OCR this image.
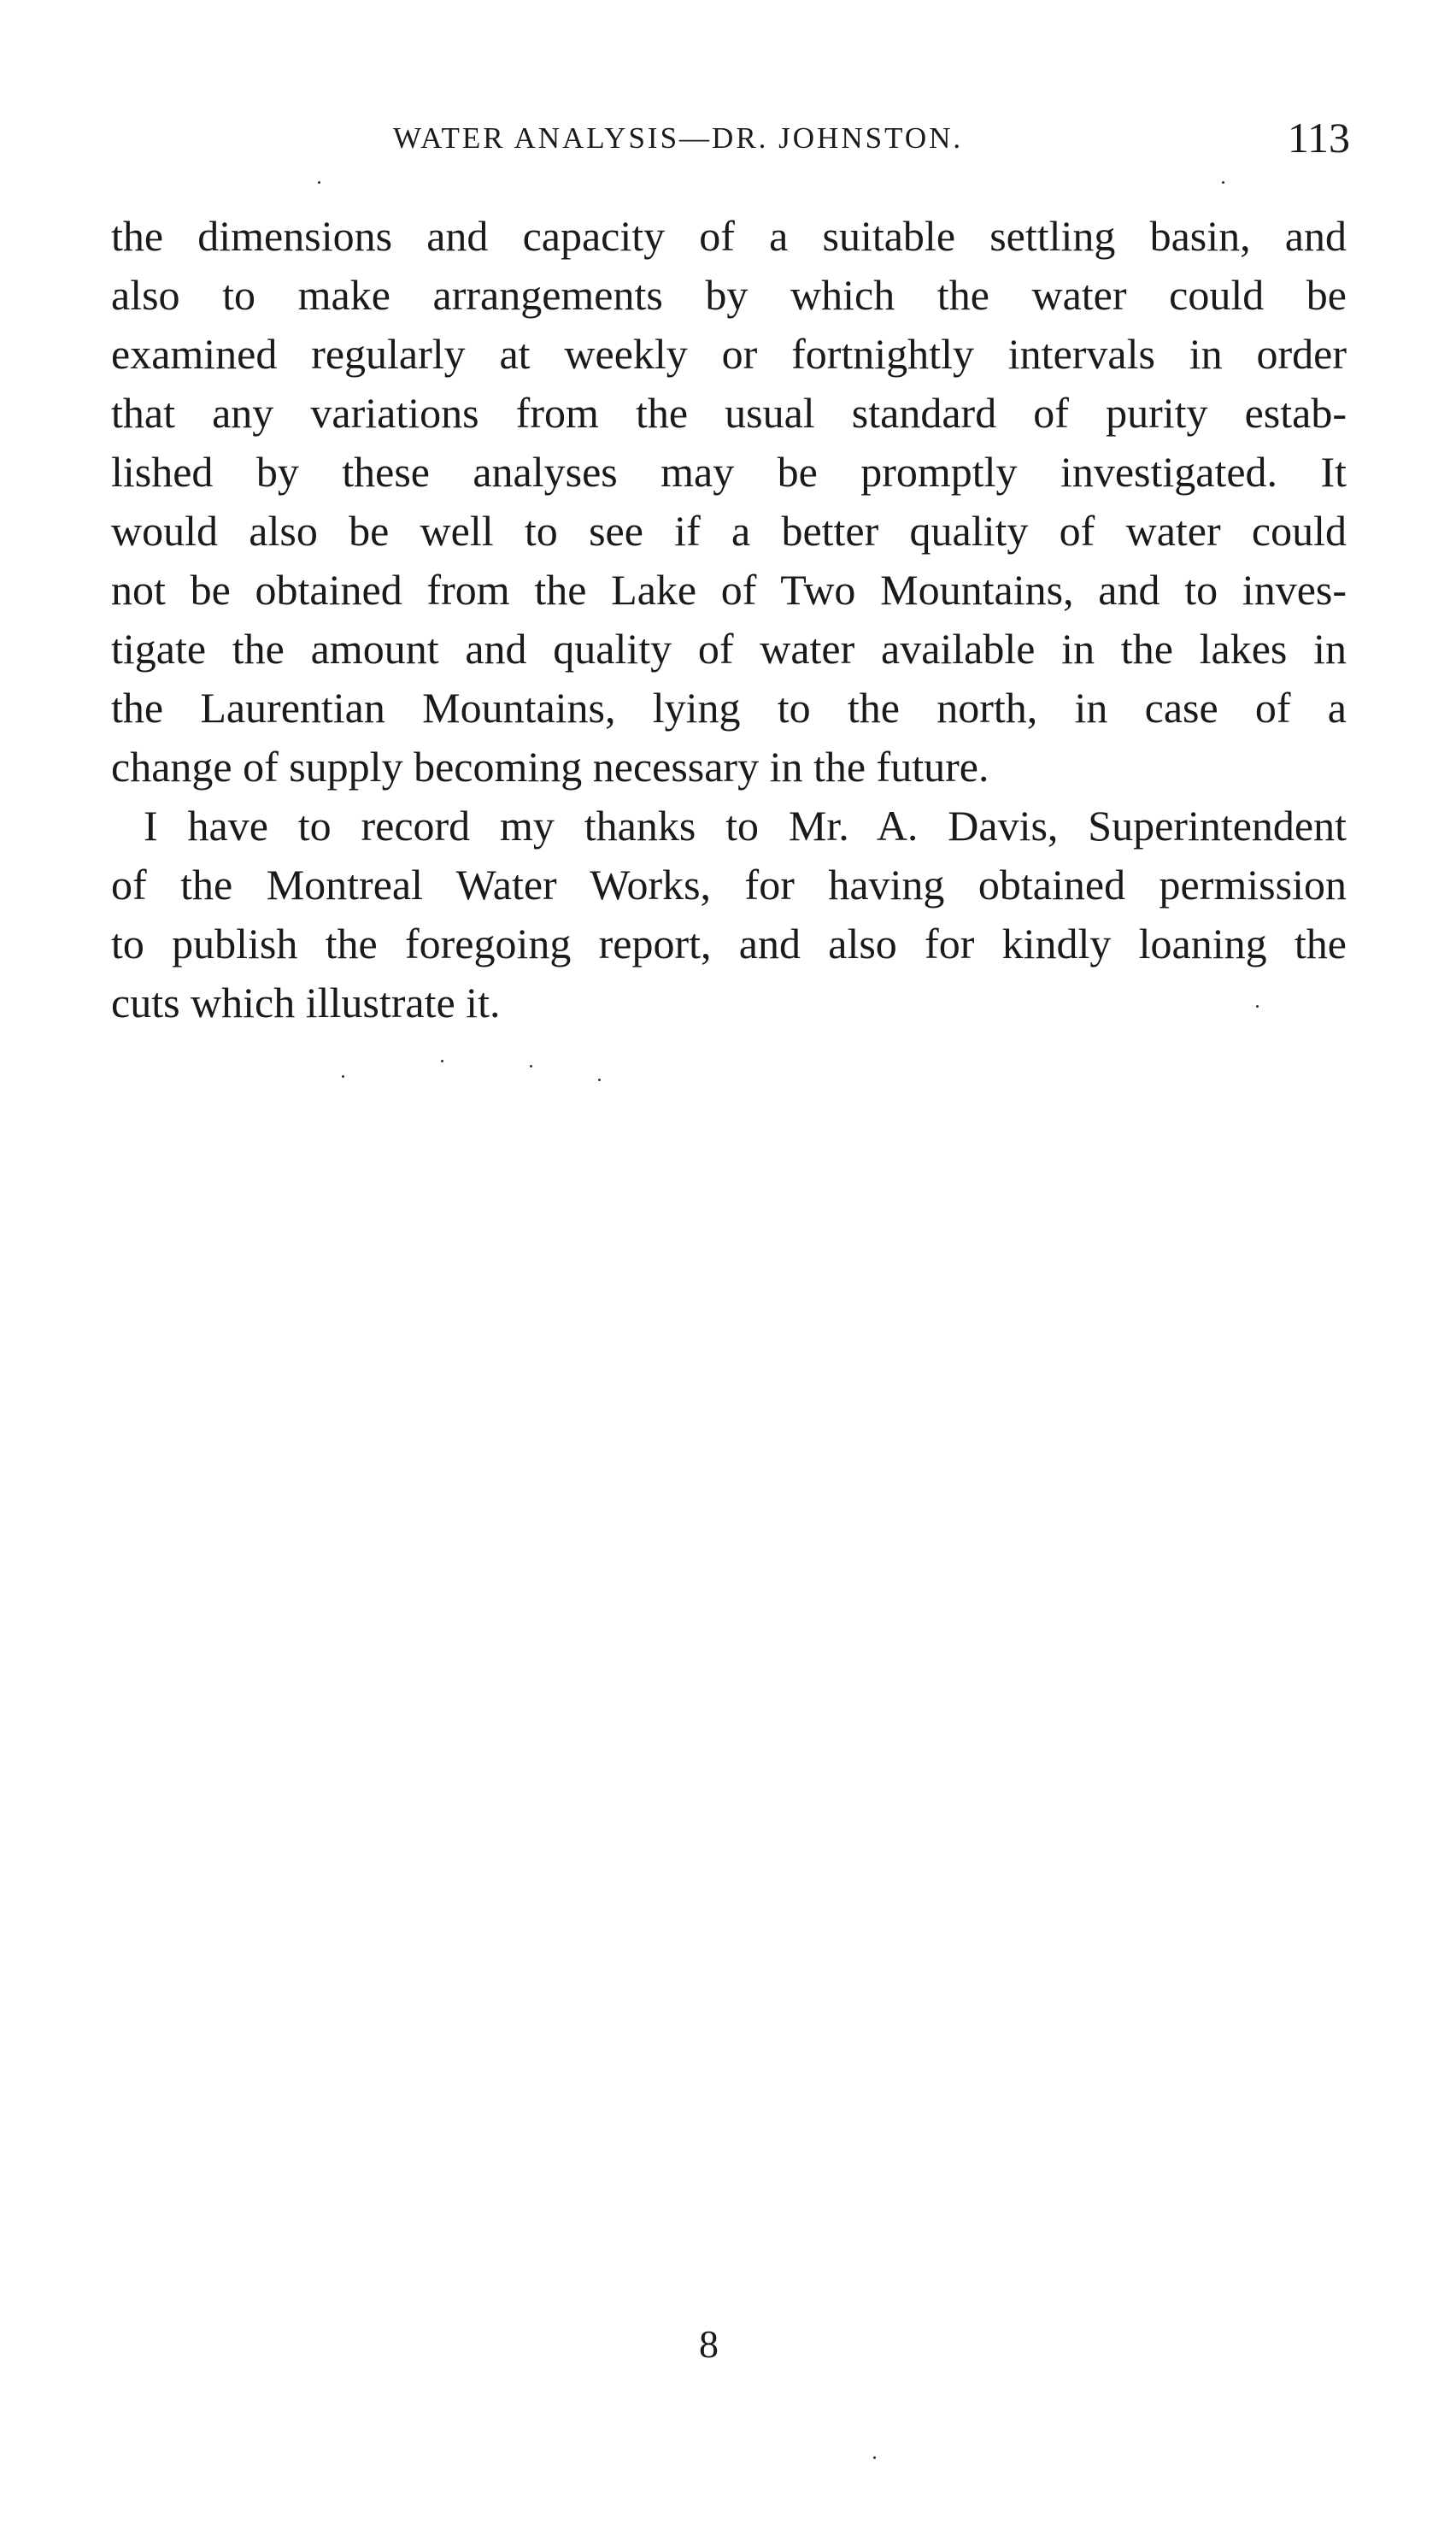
WATER ANALYSIS—DR. JOHNSTON.	113
the dimensions and capacity of a suitable settling basin, and
also to make arrangements by which the water could be
examined regularly at weekly or fortnightly intervals in order
that any variations from the usual standard of purity estab-
lished by these analyses may be promptly investigated. It
would also be well to see if a better quality of water could
not be obtained from the Lake of Two Mountains, and to inves-
tigate the amount and quality of water available in the lakes in
the Laurentian Mountains, lying to the north, in case of a
change of supply becoming necessary in the future.
I have to record my thanks to Mr. A. Davis, Superintendent
of the Montreal Water Works, for having obtained permission
to publish the foregoing report, and also for kindly loaning the
cuts which illustrate it.
8
